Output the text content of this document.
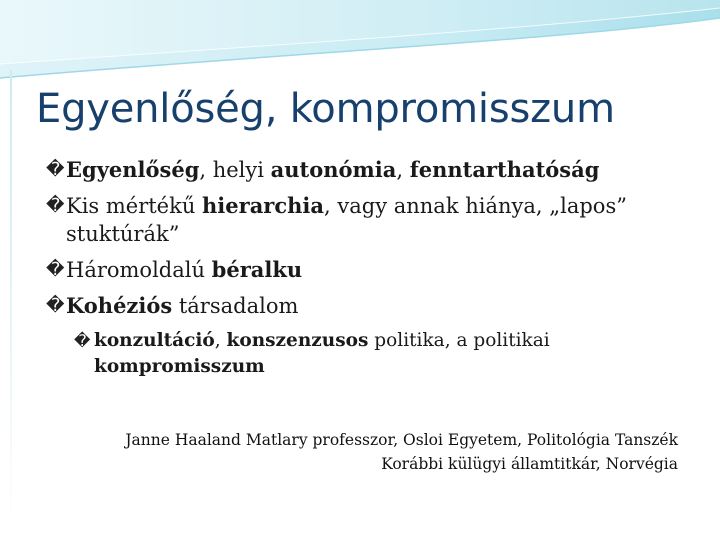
Egyenlőség, kompromisszum
� Egyenlőség, helyi autonómia, fenntarthatóság
� Kis mértékű hierarchia, vagy annak hiánya, „lapos” stuktúrák”
� Háromoldalú béralku
� Kohéziós társadalom
� konzultáció, konszenzusos politika, a politikai
kompromisszum
Janne Haaland Matlary professzor, Osloi Egyetem, Politológia Tanszék
Korábbi külügyi államtitkár, Norvégia
